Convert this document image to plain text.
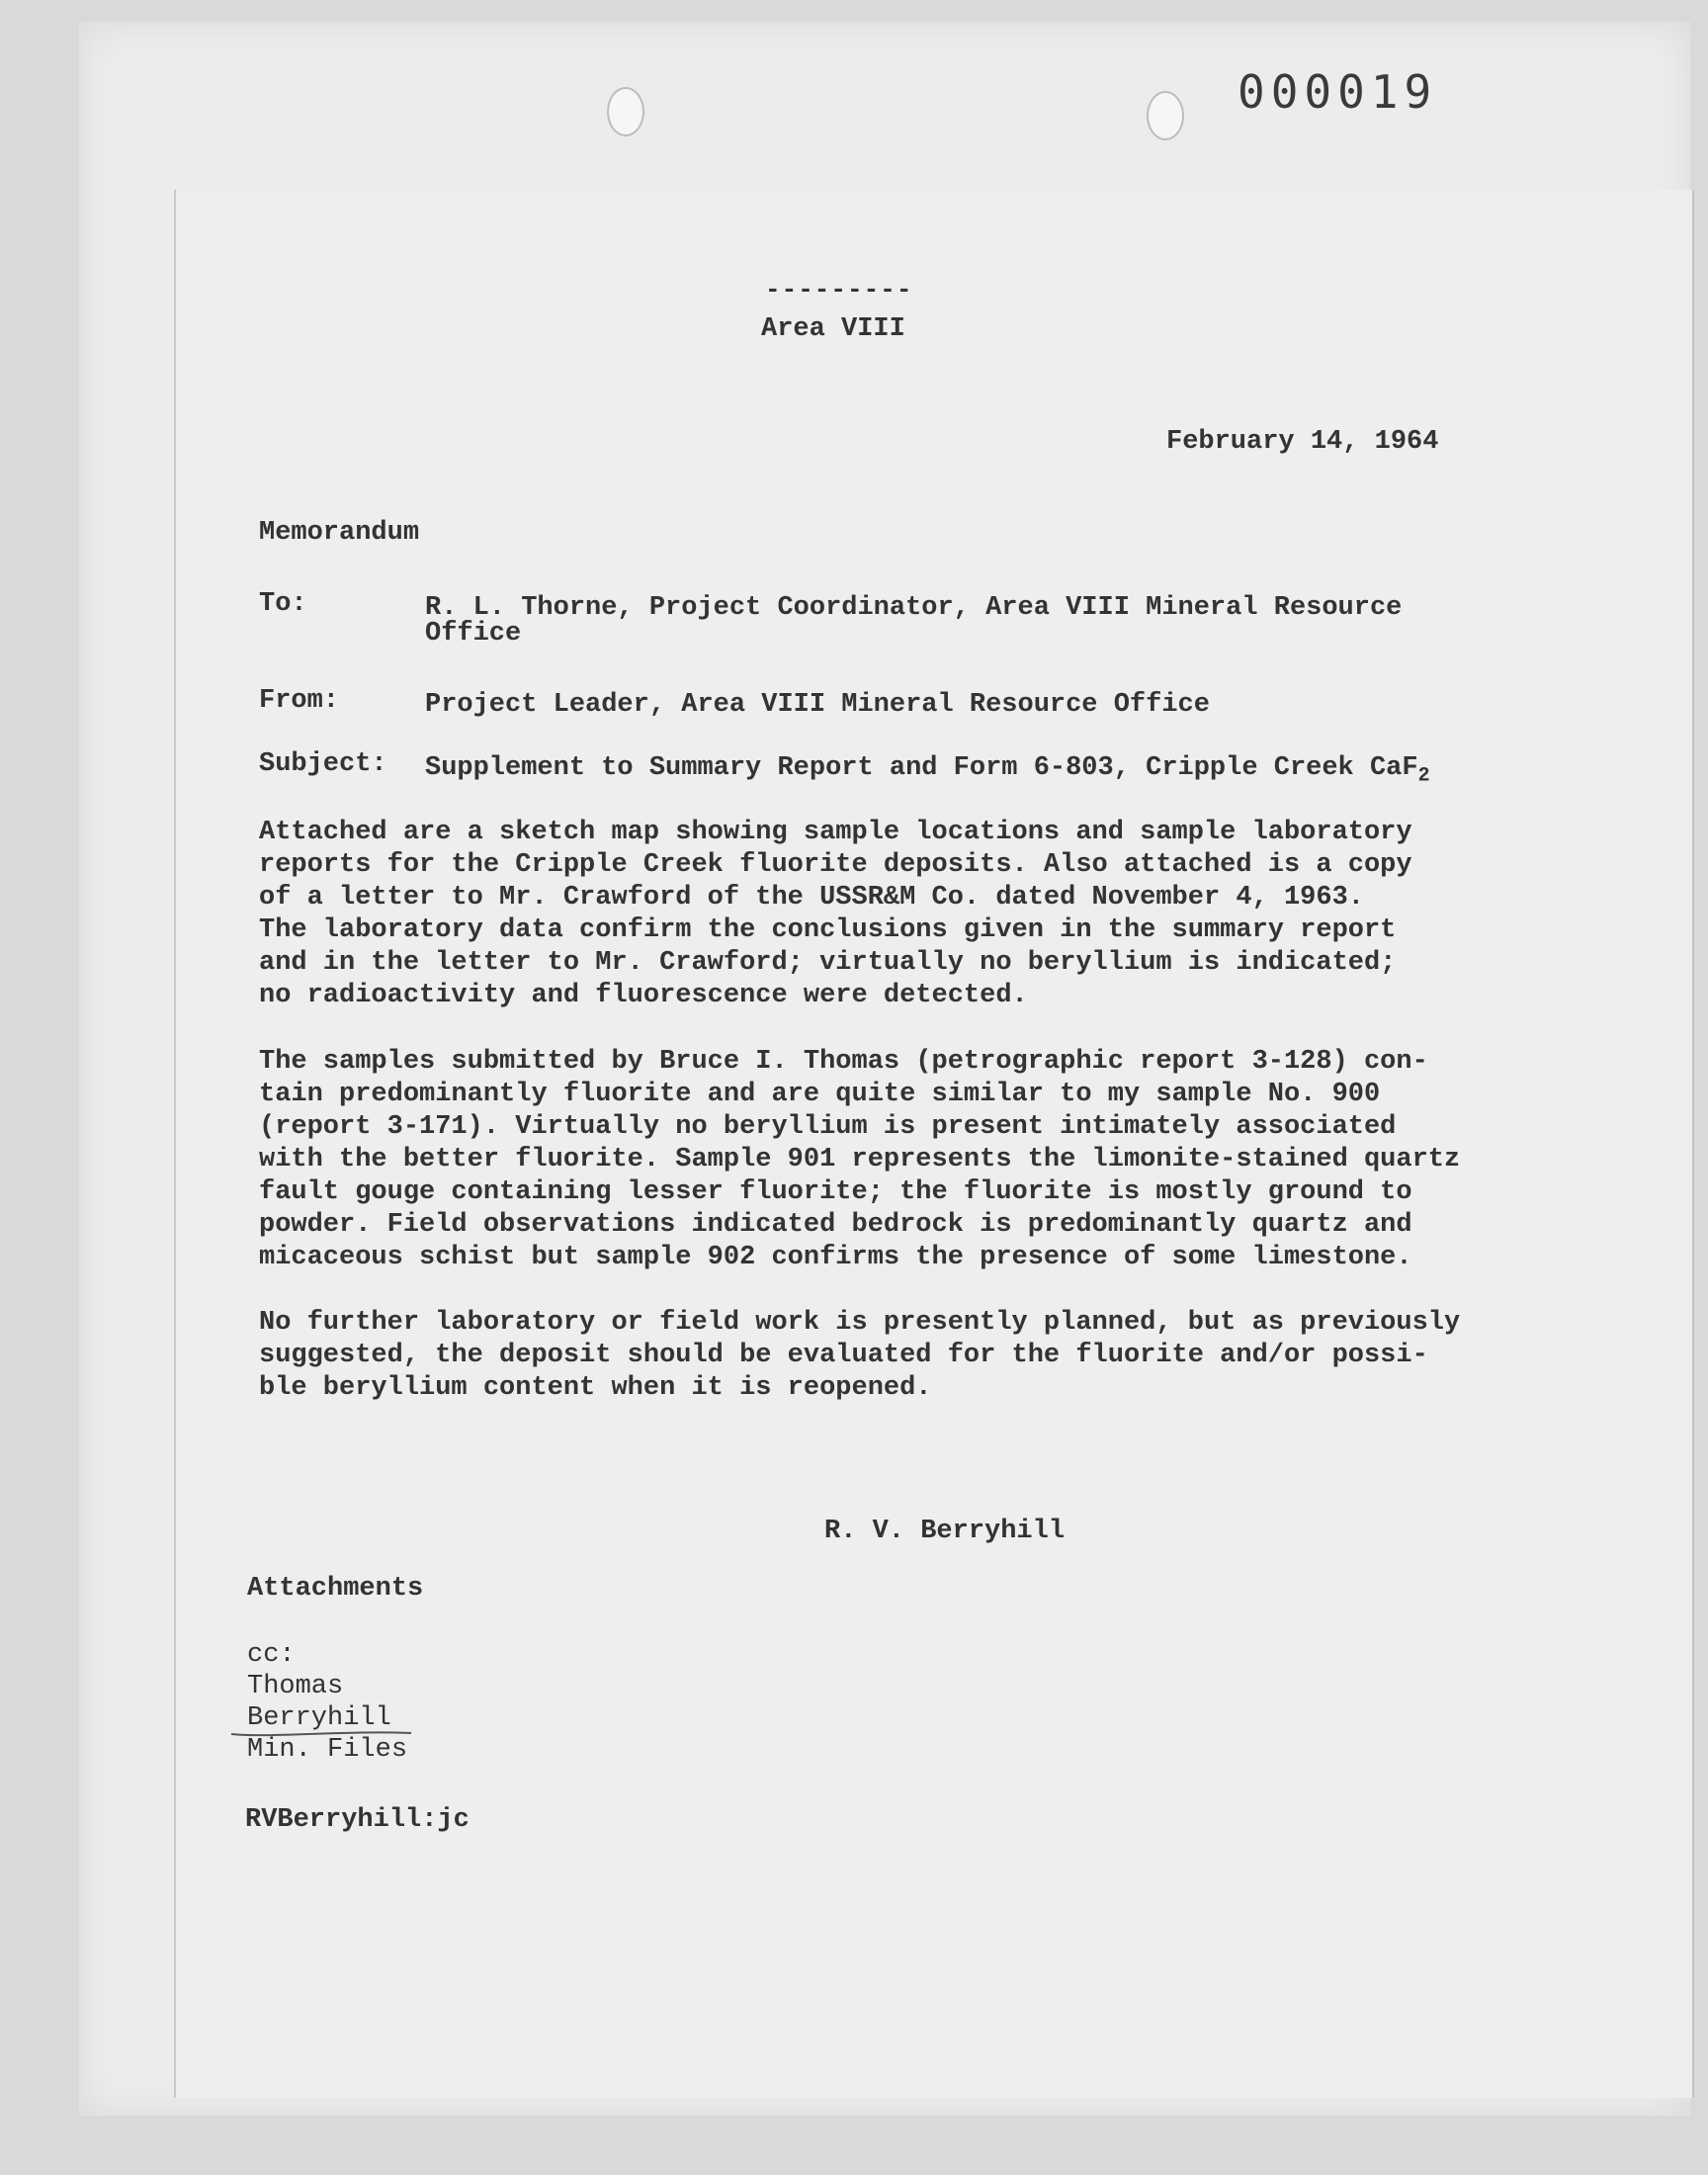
000019
---------
Area VIII
February 14, 1964
Memorandum
To:	R. L. Thorne, Project Coordinator, Area VIII Mineral Resource
Office
From:	Project Leader, Area VIII Mineral Resource Office
Subject: Supplement to Summary Report and Form 6-803, Cripple Creek CaF$_2$
Attached are a sketch map showing sample locations and sample laboratory
reports for the Cripple Creek fluorite deposits. Also attached is a copy
of a letter to Mr. Crawford of the USSR&M Co. dated November 4, 1963.
The laboratory data confirm the conclusions given in the summary report
and in the letter to Mr. Crawford; virtually no beryllium is indicated;
no radioactivity and fluorescence were detected.
The samples submitted by Bruce I. Thomas (petrographic report 3-128) con-
tain predominantly fluorite and are quite similar to my sample No. 900
(report 3-171). Virtually no beryllium is present intimately associated
with the better fluorite. Sample 901 represents the limonite-stained quartz
fault gouge containing lesser fluorite; the fluorite is mostly ground to
powder. Field observations indicated bedrock is predominantly quartz and
micaceous schist but sample 902 confirms the presence of some limestone.
No further laboratory or field work is presently planned, but as previously
suggested, the deposit should be evaluated for the fluorite and/or possi-
ble beryllium content when it is reopened.
R. V. Berryhill
Attachments
cc:
Thomas
Berryhill
Min. Files
RVBerryhill:jc
